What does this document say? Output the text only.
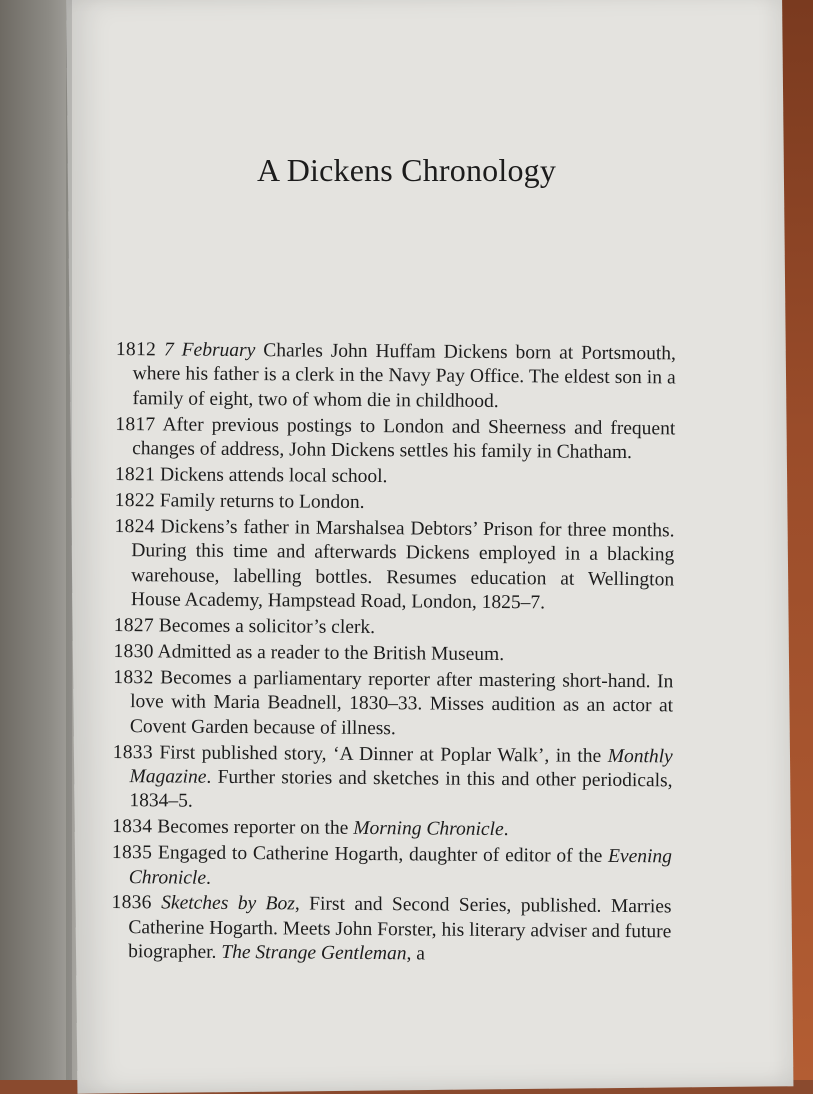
A Dickens Chronology

1812 7 February Charles John Huffam Dickens born at Portsmouth, where his father is a clerk in the Navy Pay Office. The eldest son in a family of eight, two of whom die in childhood.

1817 After previous postings to London and Sheerness and frequent changes of address, John Dickens settles his family in Chatham.

1821 Dickens attends local school.

1822 Family returns to London.

1824 Dickens’s father in Marshalsea Debtors’ Prison for three months. During this time and afterwards Dickens employed in a blacking warehouse, labelling bottles. Resumes education at Wellington House Academy, Hampstead Road, London, 1825–7.

1827 Becomes a solicitor’s clerk.

1830 Admitted as a reader to the British Museum.

1832 Becomes a parliamentary reporter after mastering short-hand. In love with Maria Beadnell, 1830–33. Misses audition as an actor at Covent Garden because of illness.

1833 First published story, ‘A Dinner at Poplar Walk’, in the Monthly Magazine. Further stories and sketches in this and other periodicals, 1834–5.

1834 Becomes reporter on the Morning Chronicle.

1835 Engaged to Catherine Hogarth, daughter of editor of the Evening Chronicle.

1836 Sketches by Boz, First and Second Series, published. Marries Catherine Hogarth. Meets John Forster, his literary adviser and future biographer. The Strange Gentleman, a
